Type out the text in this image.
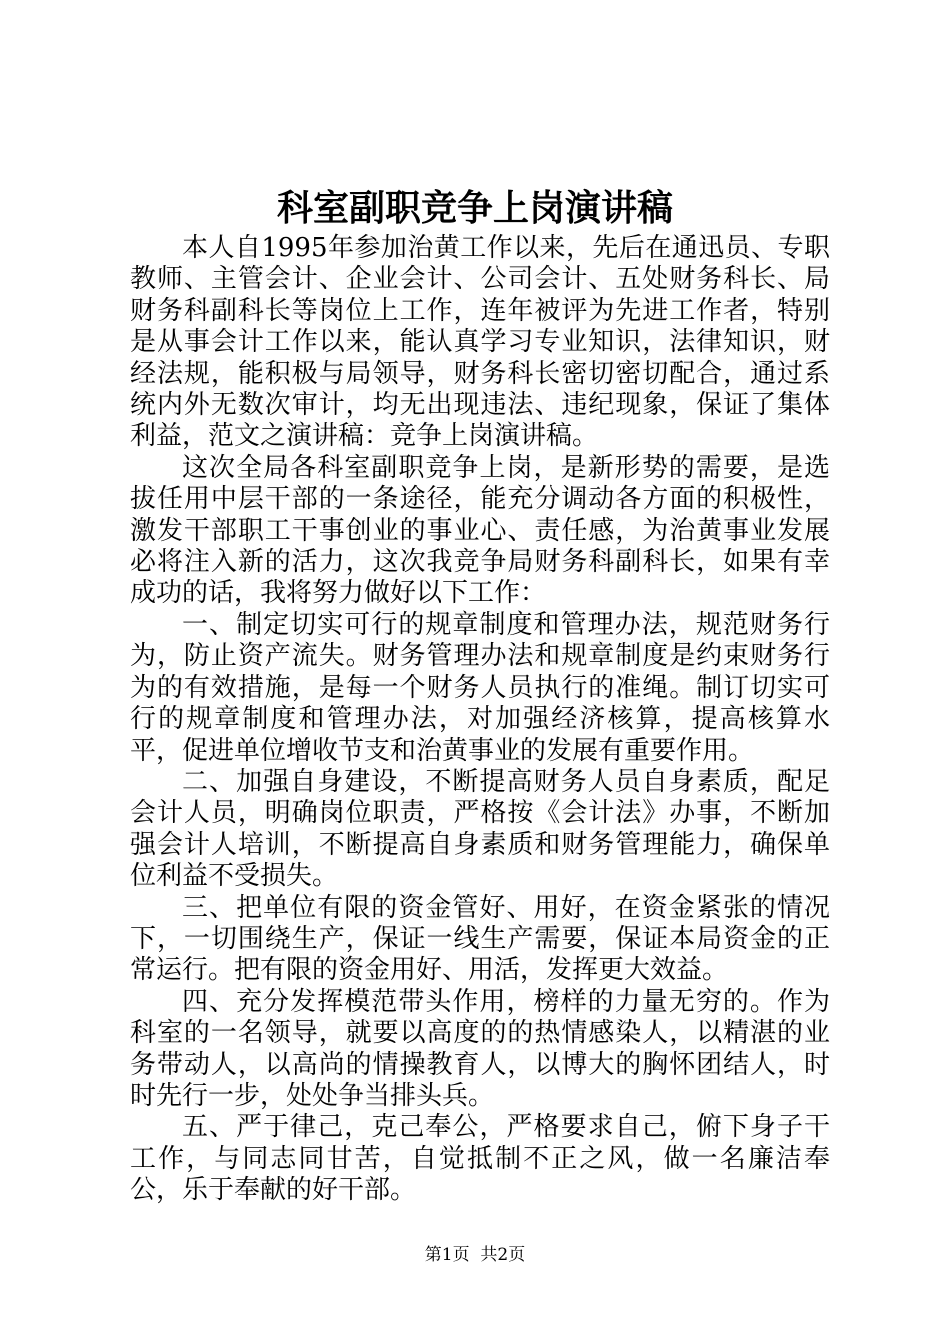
科室副职竞争上岗演讲稿

本人自1995年参加治黄工作以来，先后在通迅员、专职教师、主管会计、企业会计、公司会计、五处财务科长、局财务科副科长等岗位上工作，连年被评为先进工作者，特别是从事会计工作以来，能认真学习专业知识，法律知识，财经法规，能积极与局领导，财务科长密切密切配合，通过系统内外无数次审计，均无出现违法、违纪现象，保证了集体利益，范文之演讲稿：竞争上岗演讲稿。

这次全局各科室副职竞争上岗，是新形势的需要，是选拔任用中层干部的一条途径，能充分调动各方面的积极性，激发干部职工干事创业的事业心、责任感，为治黄事业发展必将注入新的活力，这次我竞争局财务科副科长，如果有幸成功的话，我将努力做好以下工作：

一、制定切实可行的规章制度和管理办法，规范财务行为，防止资产流失。财务管理办法和规章制度是约束财务行为的有效措施，是每一个财务人员执行的准绳。制订切实可行的规章制度和管理办法，对加强经济核算，提高核算水平，促进单位增收节支和治黄事业的发展有重要作用。

二、加强自身建设，不断提高财务人员自身素质，配足会计人员，明确岗位职责，严格按《会计法》办事，不断加强会计人培训，不断提高自身素质和财务管理能力，确保单位利益不受损失。

三、把单位有限的资金管好、用好，在资金紧张的情况下，一切围绕生产，保证一线生产需要，保证本局资金的正常运行。把有限的资金用好、用活，发挥更大效益。

四、充分发挥模范带头作用，榜样的力量无穷的。作为科室的一名领导，就要以高度的的热情感染人，以精湛的业务带动人，以高尚的情操教育人，以博大的胸怀团结人，时时先行一步，处处争当排头兵。

五、严于律己，克己奉公，严格要求自己，俯下身子干工作，与同志同甘苦，自觉抵制不正之风，做一名廉洁奉公，乐于奉献的好干部。

第1页  共2页
